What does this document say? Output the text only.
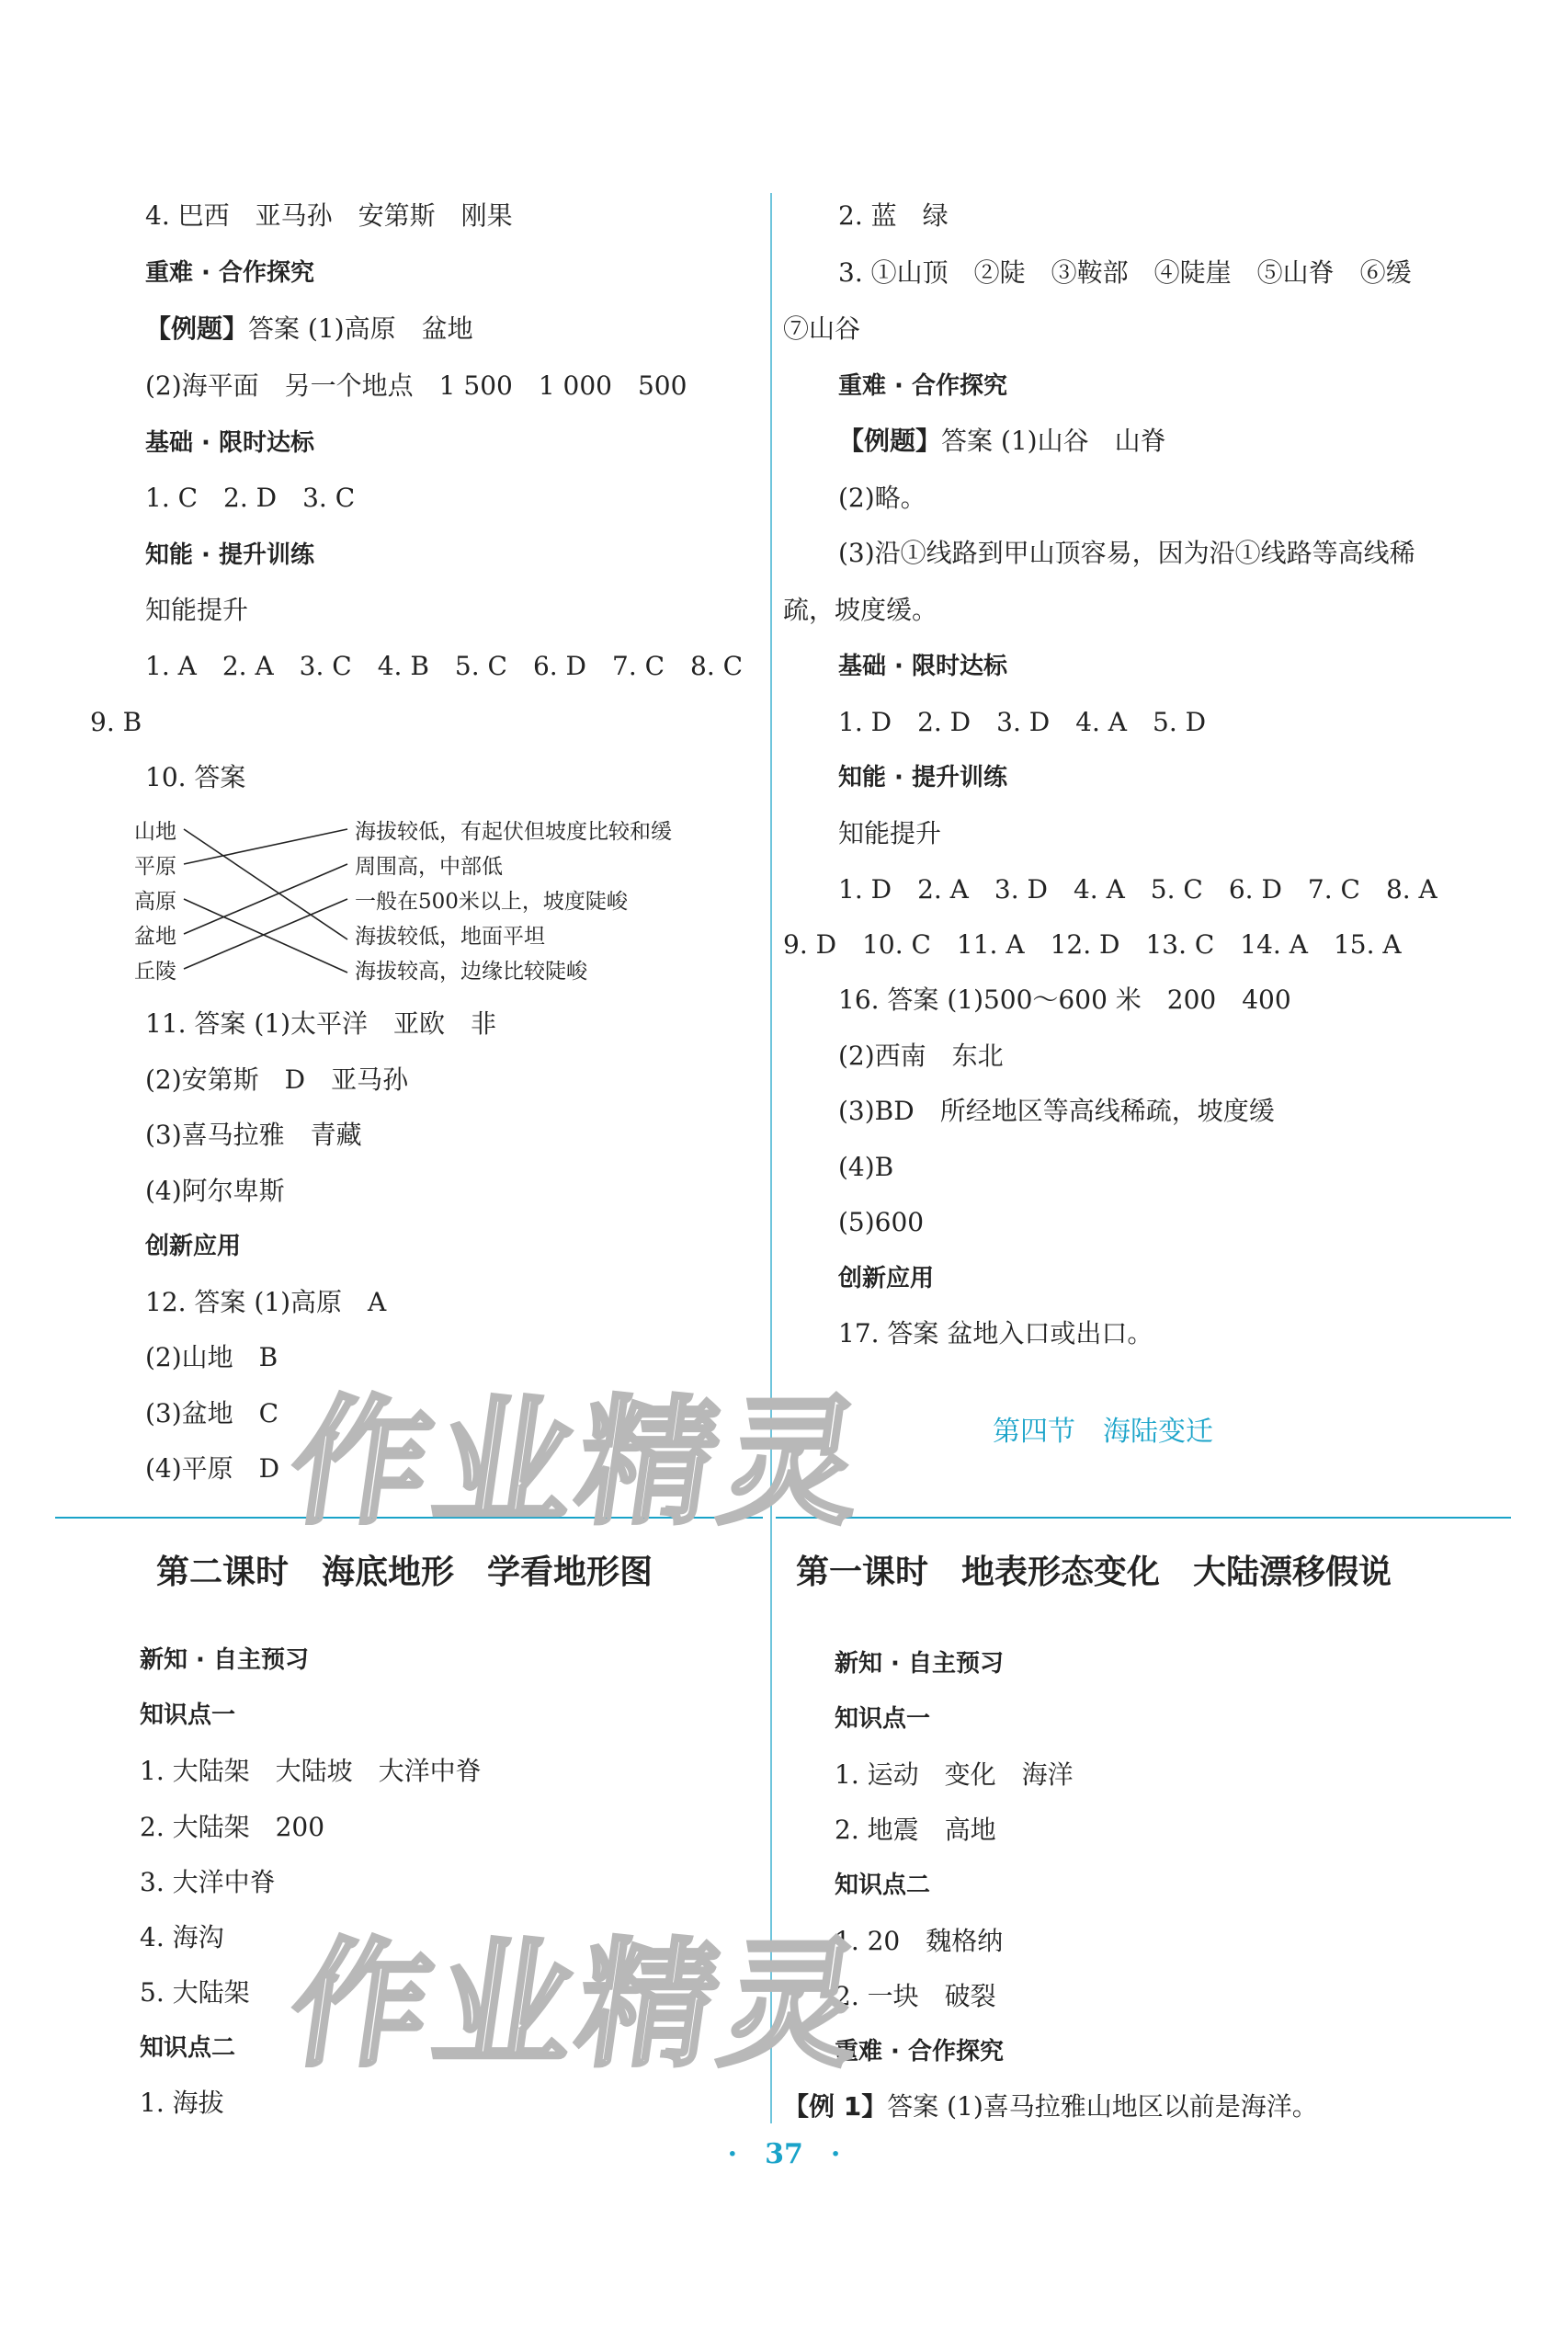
4. 巴西　亚马孙　安第斯　刚果
重难 · 合作探究
【例题】答案 (1)高原　盆地
(2)海平面　另一个地点　1 500　1 000　500
基础 · 限时达标
1. C　2. D　3. C
知能 · 提升训练
知能提升
1. A　2. A　3. C　4. B　5. C　6. D　7. C　8. C
9. B
10. 答案
山地
平原
高原
盆地
丘陵
海拔较低，有起伏但坡度比较和缓
周围高，中部低
一般在500米以上，坡度陡峻
海拔较低，地面平坦
海拔较高，边缘比较陡峻
11. 答案 (1)太平洋　亚欧　非
(2)安第斯　D　亚马孙
(3)喜马拉雅　青藏
(4)阿尔卑斯
创新应用
12. 答案 (1)高原　A
(2)山地　B
(3)盆地　C
(4)平原　D
第二课时　海底地形　学看地形图
新知 · 自主预习
知识点一
1. 大陆架　大陆坡　大洋中脊
2. 大陆架　200
3. 大洋中脊
4. 海沟
5. 大陆架
知识点二
1. 海拔
2. 蓝　绿
3. ①山顶　②陡　③鞍部　④陡崖　⑤山脊　⑥缓
⑦山谷
重难 · 合作探究
【例题】答案 (1)山谷　山脊
(2)略。
(3)沿①线路到甲山顶容易，因为沿①线路等高线稀
疏，坡度缓。
基础 · 限时达标
1. D　2. D　3. D　4. A　5. D
知能 · 提升训练
知能提升
1. D　2. A　3. D　4. A　5. C　6. D　7. C　8. A
9. D　10. C　11. A　12. D　13. C　14. A　15. A
16. 答案 (1)500～600 米　200　400
(2)西南　东北
(3)BD　所经地区等高线稀疏，坡度缓
(4)B
(5)600
创新应用
17. 答案 盆地入口或出口。
第四节　海陆变迁
第一课时　地表形态变化　大陆漂移假说
新知 · 自主预习
知识点一
1. 运动　变化　海洋
2. 地震　高地
知识点二
1. 20　魏格纳
2. 一块　破裂
重难 · 合作探究
【例 1】答案 (1)喜马拉雅山地区以前是海洋。
作业精灵
作业精灵
·　37　·
